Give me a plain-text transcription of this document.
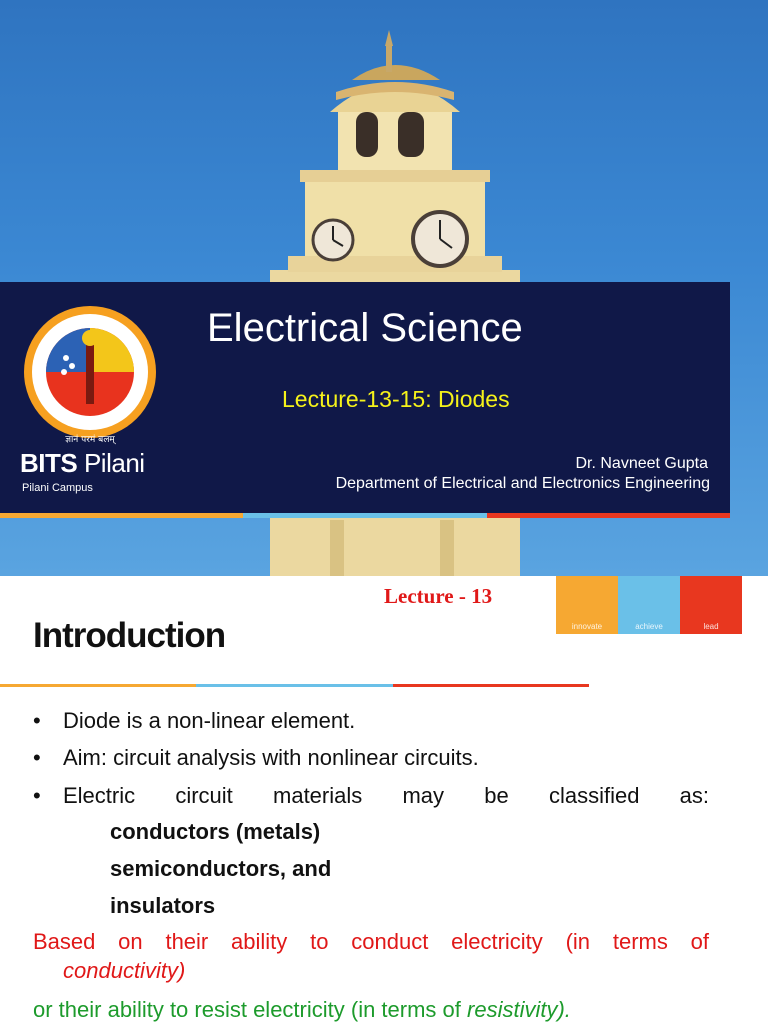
ज्ञानं परमं बलम्
BITS Pilani
Pilani Campus
Electrical Science
Lecture-13-15: Diodes
Dr. Navneet Gupta
Department of Electrical and Electronics Engineering
Lecture - 13
innovate	achieve	lead
Introduction
•	Diode is a non-linear element.
•	Aim: circuit analysis with nonlinear circuits.
•	Electric circuit materials may be classified as:
conductors (metals)
semiconductors, and
insulators
Based on their ability to conduct electricity (in terms of
conductivity)
or their ability to resist electricity (in terms of resistivity).
